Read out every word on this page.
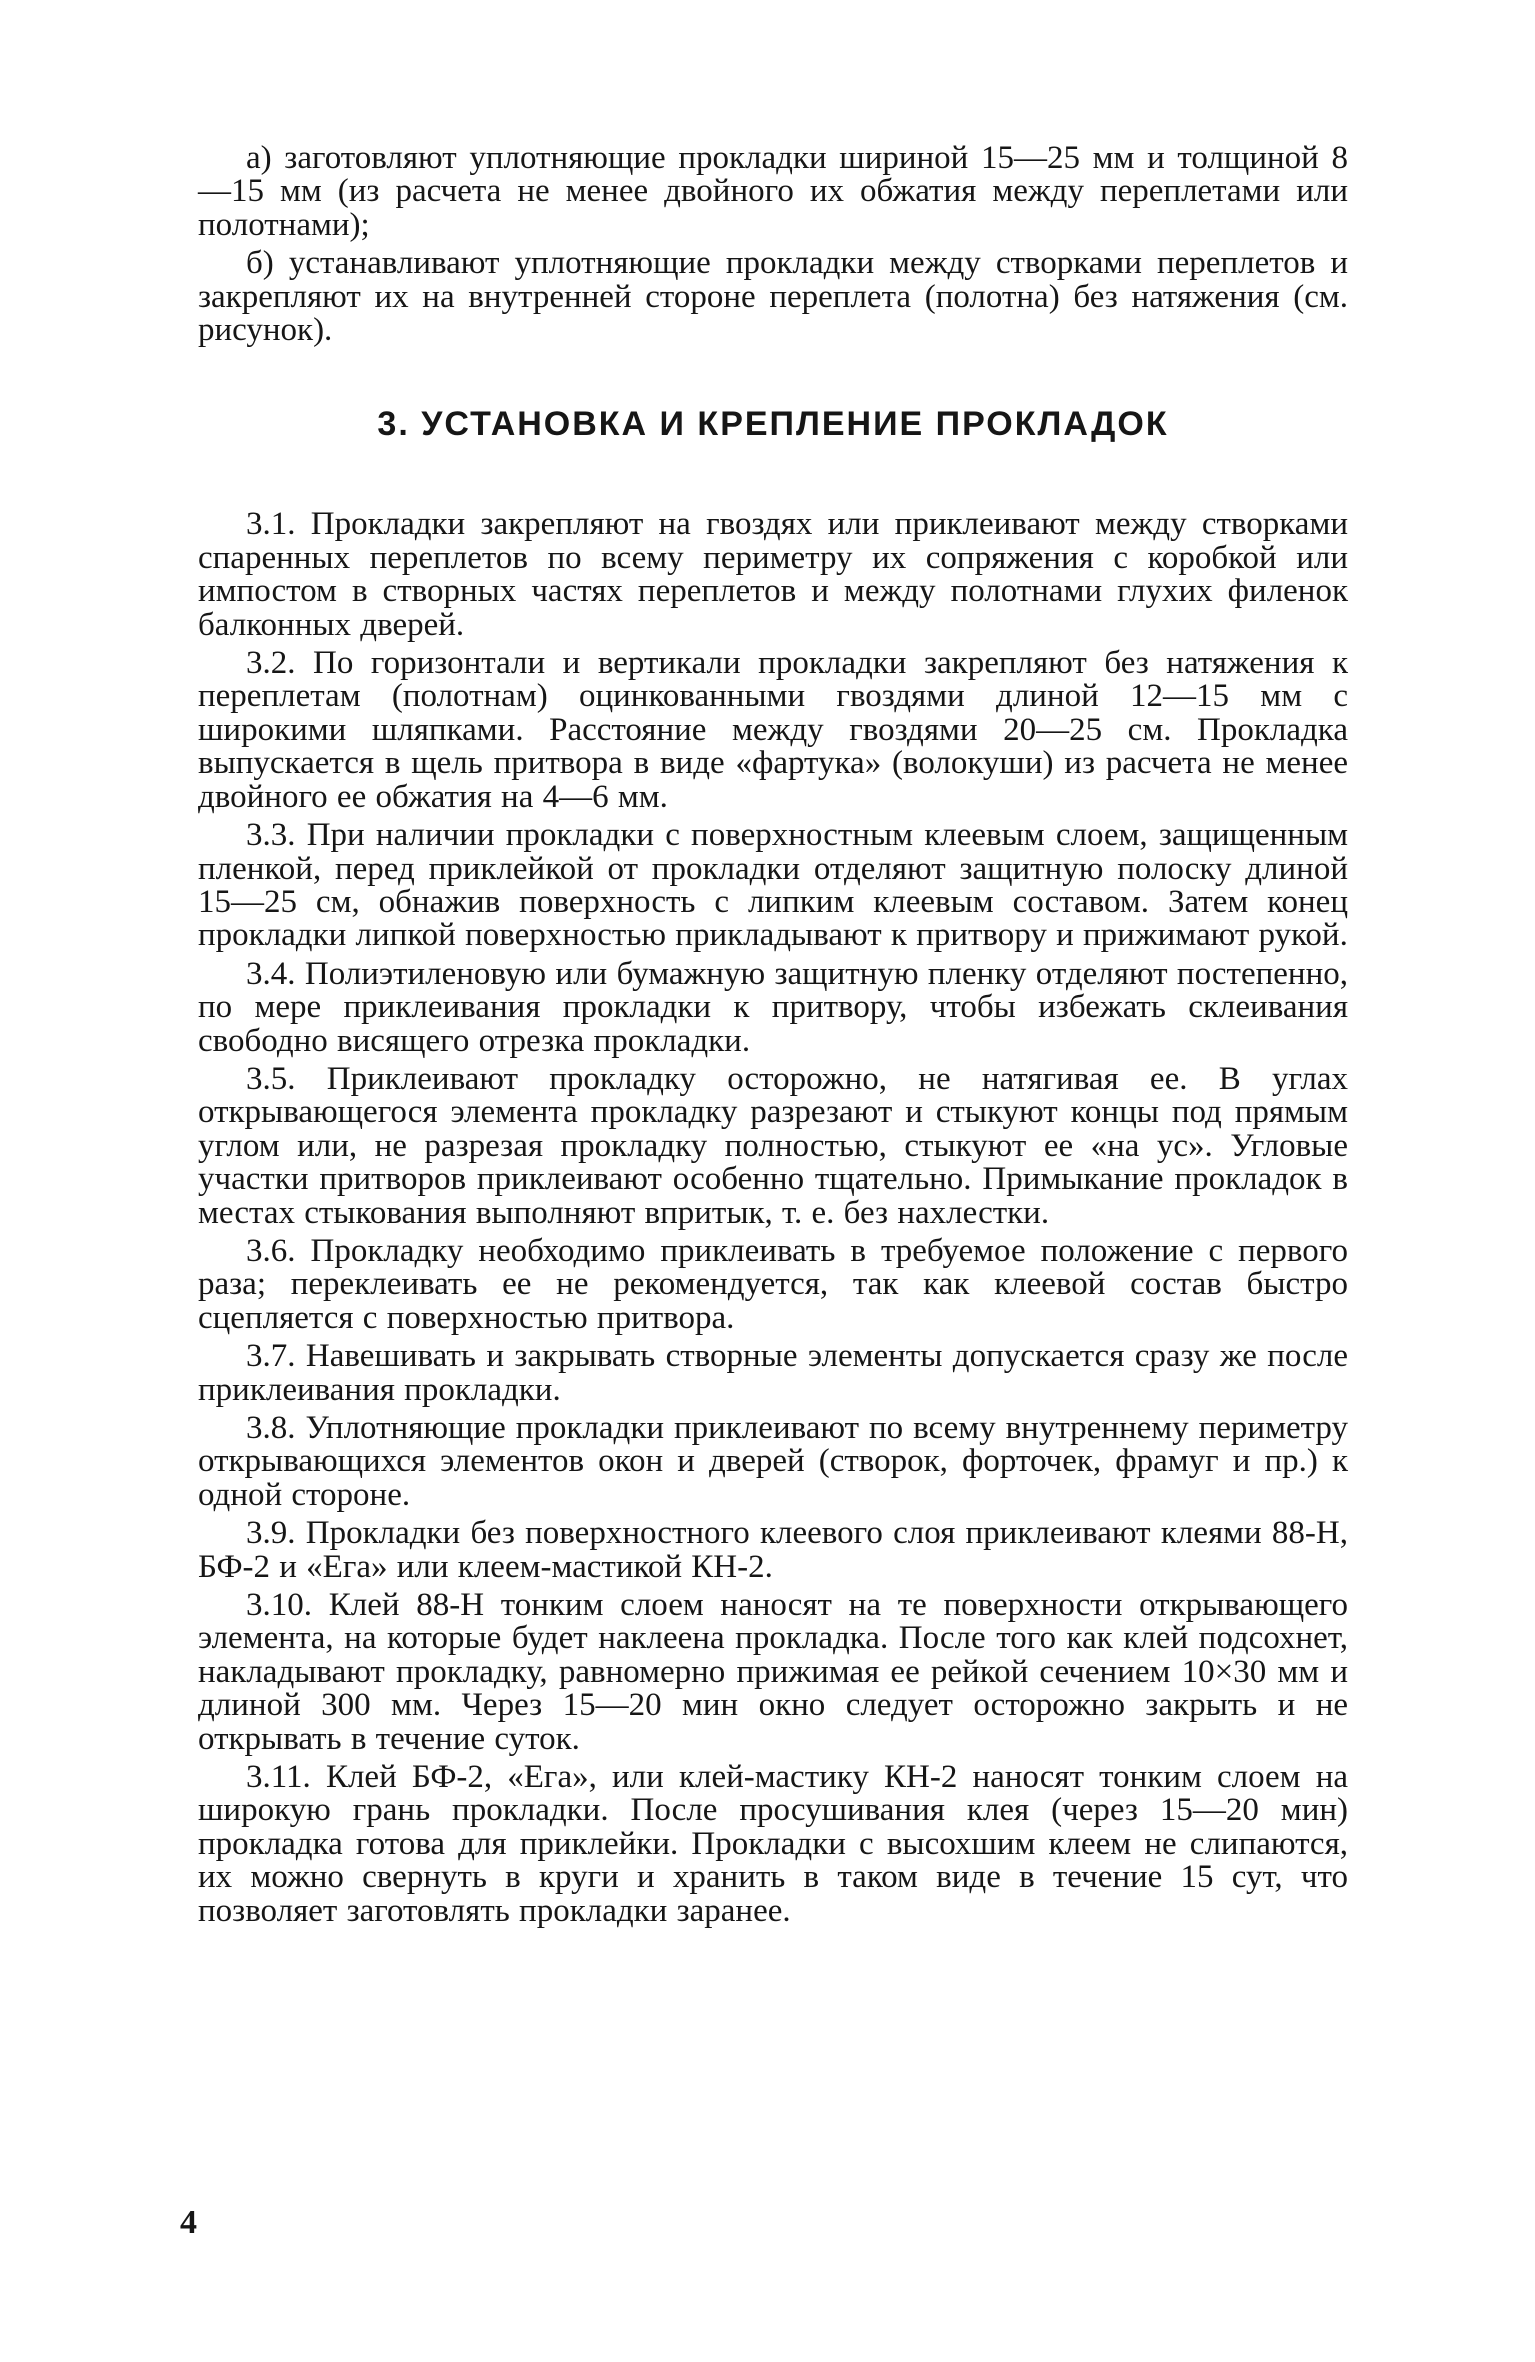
а) заготовляют уплотняющие прокладки шириной 15—25 мм и толщиной 8—15 мм (из расчета не менее двойного их обжатия между переплетами или полотнами);

б) устанавливают уплотняющие прокладки между створками переплетов и закрепляют их на внутренней стороне переплета (полотна) без натяжения (см. рисунок).

3. УСТАНОВКА И КРЕПЛЕНИЕ ПРОКЛАДОК

3.1. Прокладки закрепляют на гвоздях или приклеивают между створками спаренных переплетов по всему периметру их сопряжения с коробкой или импостом в створных частях переплетов и между полотнами глухих филенок балконных дверей.

3.2. По горизонтали и вертикали прокладки закрепляют без натяжения к переплетам (полотнам) оцинкованными гвоздями длиной 12—15 мм с широкими шляпками. Расстояние между гвоздями 20—25 см. Прокладка выпускается в щель притвора в виде «фартука» (волокуши) из расчета не менее двойного ее обжатия на 4—6 мм.

3.3. При наличии прокладки с поверхностным клеевым слоем, защищенным пленкой, перед приклейкой от прокладки отделяют защитную полоску длиной 15—25 см, обнажив поверхность с липким клеевым составом. Затем конец прокладки липкой поверхностью прикладывают к притвору и прижимают рукой.

3.4. Полиэтиленовую или бумажную защитную пленку отделяют постепенно, по мере приклеивания прокладки к притвору, чтобы избежать склеивания свободно висящего отрезка прокладки.

3.5. Приклеивают прокладку осторожно, не натягивая ее. В углах открывающегося элемента прокладку разрезают и стыкуют концы под прямым углом или, не разрезая прокладку полностью, стыкуют ее «на ус». Угловые участки притворов приклеивают особенно тщательно. Примыкание прокладок в местах стыкования выполняют впритык, т. е. без нахлестки.

3.6. Прокладку необходимо приклеивать в требуемое положение с первого раза; переклеивать ее не рекомендуется, так как клеевой состав быстро сцепляется с поверхностью притвора.

3.7. Навешивать и закрывать створные элементы допускается сразу же после приклеивания прокладки.

3.8. Уплотняющие прокладки приклеивают по всему внутреннему периметру открывающихся элементов окон и дверей (створок, форточек, фрамуг и пр.) к одной стороне.

3.9. Прокладки без поверхностного клеевого слоя приклеивают клеями 88-Н, БФ-2 и «Ега» или клеем-мастикой КН-2.

3.10. Клей 88-Н тонким слоем наносят на те поверхности открывающего элемента, на которые будет наклеена прокладка. После того как клей подсохнет, накладывают прокладку, равномерно прижимая ее рейкой сечением 10×30 мм и длиной 300 мм. Через 15—20 мин окно следует осторожно закрыть и не открывать в течение суток.

3.11. Клей БФ-2, «Ега», или клей-мастику КН-2 наносят тонким слоем на широкую грань прокладки. После просушивания клея (через 15—20 мин) прокладка готова для приклейки. Прокладки с высохшим клеем не слипаются, их можно свернуть в круги и хранить в таком виде в течение 15 сут, что позволяет заготовлять прокладки заранее.

4
